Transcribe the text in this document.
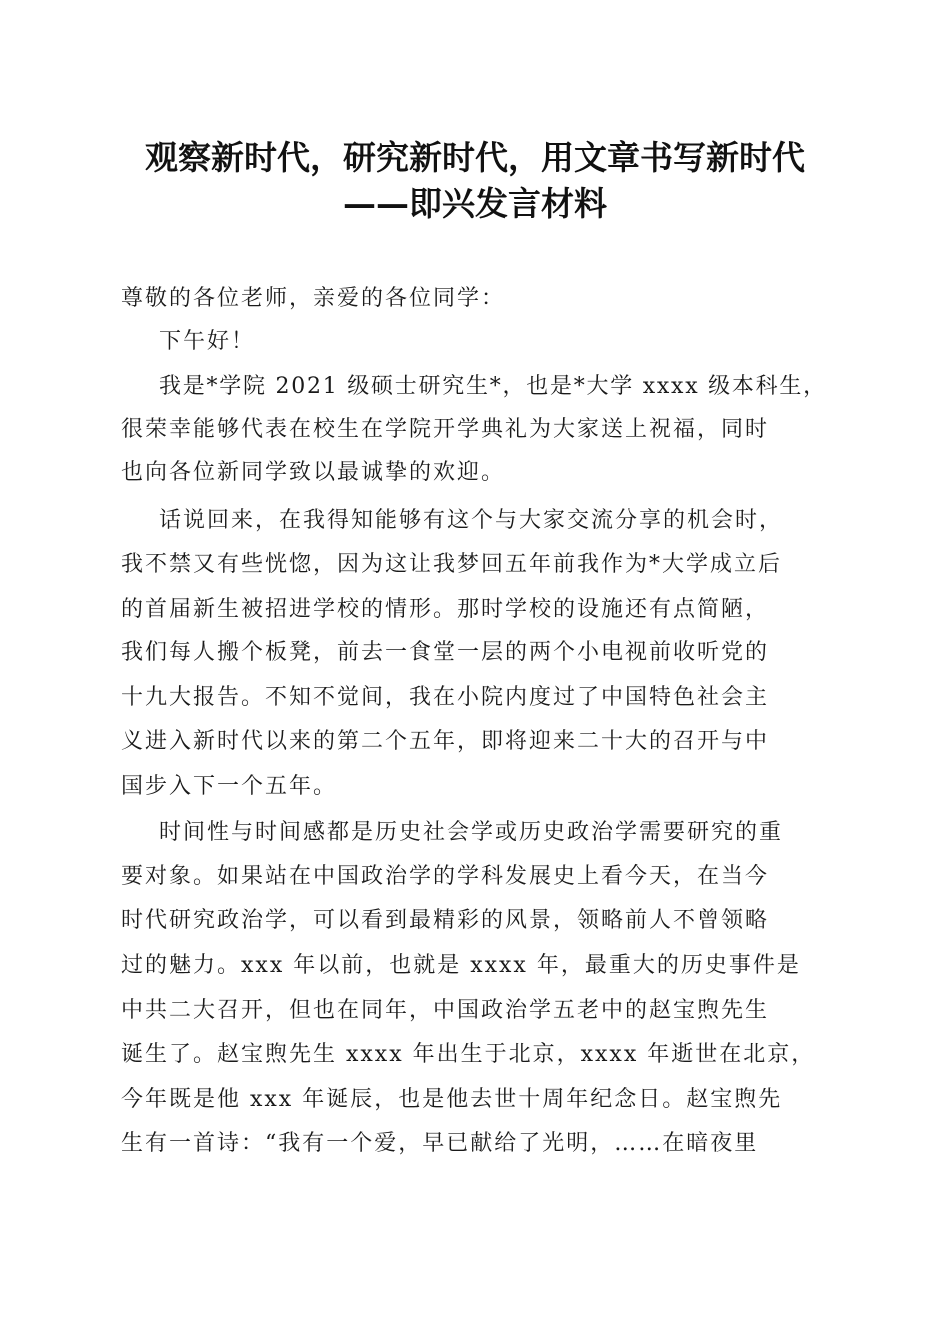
观察新时代，研究新时代，用文章书写新时代
——即兴发言材料
尊敬的各位老师，亲爱的各位同学：
下午好！
我是*学院 2021 级硕士研究生*，也是*大学 xxxx 级本科生，
很荣幸能够代表在校生在学院开学典礼为大家送上祝福，同时
也向各位新同学致以最诚挚的欢迎。
话说回来，在我得知能够有这个与大家交流分享的机会时，
我不禁又有些恍惚，因为这让我梦回五年前我作为*大学成立后
的首届新生被招进学校的情形。那时学校的设施还有点简陋，
我们每人搬个板凳，前去一食堂一层的两个小电视前收听党的
十九大报告。不知不觉间，我在小院内度过了中国特色社会主
义进入新时代以来的第二个五年，即将迎来二十大的召开与中
国步入下一个五年。
时间性与时间感都是历史社会学或历史政治学需要研究的重
要对象。如果站在中国政治学的学科发展史上看今天，在当今
时代研究政治学，可以看到最精彩的风景，领略前人不曾领略
过的魅力。xxx 年以前，也就是 xxxx 年，最重大的历史事件是
中共二大召开，但也在同年，中国政治学五老中的赵宝煦先生
诞生了。赵宝煦先生 xxxx 年出生于北京，xxxx 年逝世在北京，
今年既是他 xxx 年诞辰，也是他去世十周年纪念日。赵宝煦先
生有一首诗：“我有一个爱，早已献给了光明，……在暗夜里
